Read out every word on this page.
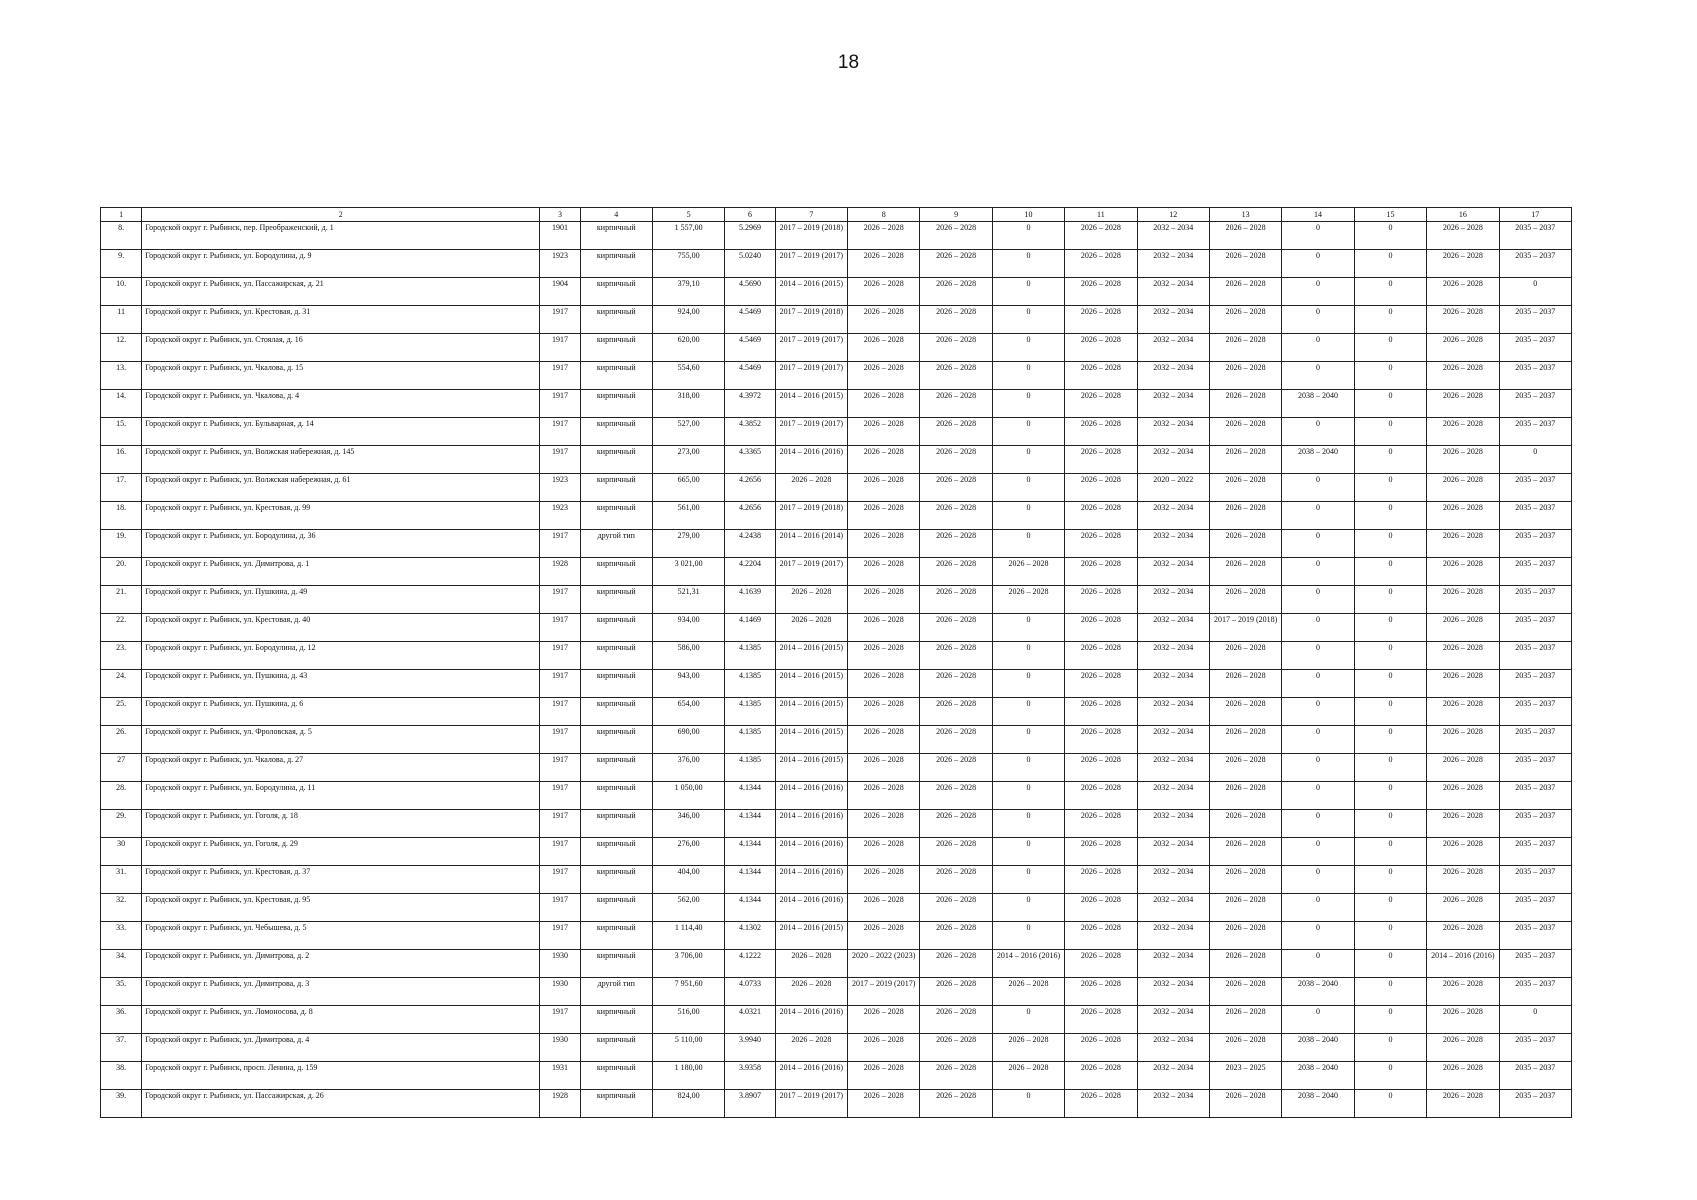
18
1	2	3	4	5	6	7	8	9	10	11	12	13	14	15	16	17
8.	Городской округ г. Рыбинск, пер. Преображенский, д. 1	1901	кирпичный	1 557,00	5.2969	2017 – 2019 (2018)	2026 – 2028	2026 – 2028	0	2026 – 2028	2032 – 2034	2026 – 2028	0	0	2026 – 2028	2035 – 2037
9.	Городской округ г. Рыбинск, ул. Бородулина, д. 9	1923	кирпичный	755,00	5.0240	2017 – 2019 (2017)	2026 – 2028	2026 – 2028	0	2026 – 2028	2032 – 2034	2026 – 2028	0	0	2026 – 2028	2035 – 2037
10.	Городской округ г. Рыбинск, ул. Пассажирская, д. 21	1904	кирпичный	379,10	4.5690	2014 – 2016 (2015)	2026 – 2028	2026 – 2028	0	2026 – 2028	2032 – 2034	2026 – 2028	0	0	2026 – 2028	0
11	Городской округ г. Рыбинск, ул. Крестовая, д. 31	1917	кирпичный	924,00	4.5469	2017 – 2019 (2018)	2026 – 2028	2026 – 2028	0	2026 – 2028	2032 – 2034	2026 – 2028	0	0	2026 – 2028	2035 – 2037
12.	Городской округ г. Рыбинск, ул. Стоялая, д. 16	1917	кирпичный	620,00	4.5469	2017 – 2019 (2017)	2026 – 2028	2026 – 2028	0	2026 – 2028	2032 – 2034	2026 – 2028	0	0	2026 – 2028	2035 – 2037
13.	Городской округ г. Рыбинск, ул. Чкалова, д. 15	1917	кирпичный	554,60	4.5469	2017 – 2019 (2017)	2026 – 2028	2026 – 2028	0	2026 – 2028	2032 – 2034	2026 – 2028	0	0	2026 – 2028	2035 – 2037
14.	Городской округ г. Рыбинск, ул. Чкалова, д. 4	1917	кирпичный	318,00	4.3972	2014 – 2016 (2015)	2026 – 2028	2026 – 2028	0	2026 – 2028	2032 – 2034	2026 – 2028	2038 – 2040	0	2026 – 2028	2035 – 2037
15.	Городской округ г. Рыбинск, ул. Бульварная, д. 14	1917	кирпичный	527,00	4.3852	2017 – 2019 (2017)	2026 – 2028	2026 – 2028	0	2026 – 2028	2032 – 2034	2026 – 2028	0	0	2026 – 2028	2035 – 2037
16.	Городской округ г. Рыбинск, ул. Волжская набережная, д. 145	1917	кирпичный	273,00	4.3365	2014 – 2016 (2016)	2026 – 2028	2026 – 2028	0	2026 – 2028	2032 – 2034	2026 – 2028	2038 – 2040	0	2026 – 2028	0
17.	Городской округ г. Рыбинск, ул. Волжская набережная, д. 61	1923	кирпичный	665,00	4.2656	2026 – 2028	2026 – 2028	2026 – 2028	0	2026 – 2028	2020 – 2022	2026 – 2028	0	0	2026 – 2028	2035 – 2037
18.	Городской округ г. Рыбинск, ул. Крестовая, д. 99	1923	кирпичный	561,00	4.2656	2017 – 2019 (2018)	2026 – 2028	2026 – 2028	0	2026 – 2028	2032 – 2034	2026 – 2028	0	0	2026 – 2028	2035 – 2037
19.	Городской округ г. Рыбинск, ул. Бородулина, д. 36	1917	другой тип	279,00	4.2438	2014 – 2016 (2014)	2026 – 2028	2026 – 2028	0	2026 – 2028	2032 – 2034	2026 – 2028	0	0	2026 – 2028	2035 – 2037
20.	Городской округ г. Рыбинск, ул. Димитрова, д. 1	1928	кирпичный	3 021,00	4.2204	2017 – 2019 (2017)	2026 – 2028	2026 – 2028	2026 – 2028	2026 – 2028	2032 – 2034	2026 – 2028	0	0	2026 – 2028	2035 – 2037
21.	Городской округ г. Рыбинск, ул. Пушкина, д. 49	1917	кирпичный	521,31	4.1639	2026 – 2028	2026 – 2028	2026 – 2028	2026 – 2028	2026 – 2028	2032 – 2034	2026 – 2028	0	0	2026 – 2028	2035 – 2037
22.	Городской округ г. Рыбинск, ул. Крестовая, д. 40	1917	кирпичный	934,00	4.1469	2026 – 2028	2026 – 2028	2026 – 2028	0	2026 – 2028	2032 – 2034	2017 – 2019 (2018)	0	0	2026 – 2028	2035 – 2037
23.	Городской округ г. Рыбинск, ул. Бородулина, д. 12	1917	кирпичный	586,00	4.1385	2014 – 2016 (2015)	2026 – 2028	2026 – 2028	0	2026 – 2028	2032 – 2034	2026 – 2028	0	0	2026 – 2028	2035 – 2037
24.	Городской округ г. Рыбинск, ул. Пушкина, д. 43	1917	кирпичный	943,00	4.1385	2014 – 2016 (2015)	2026 – 2028	2026 – 2028	0	2026 – 2028	2032 – 2034	2026 – 2028	0	0	2026 – 2028	2035 – 2037
25.	Городской округ г. Рыбинск, ул. Пушкина, д. 6	1917	кирпичный	654,00	4.1385	2014 – 2016 (2015)	2026 – 2028	2026 – 2028	0	2026 – 2028	2032 – 2034	2026 – 2028	0	0	2026 – 2028	2035 – 2037
26.	Городской округ г. Рыбинск, ул. Фроловская, д. 5	1917	кирпичный	690,00	4.1385	2014 – 2016 (2015)	2026 – 2028	2026 – 2028	0	2026 – 2028	2032 – 2034	2026 – 2028	0	0	2026 – 2028	2035 – 2037
27	Городской округ г. Рыбинск, ул. Чкалова, д. 27	1917	кирпичный	376,00	4.1385	2014 – 2016 (2015)	2026 – 2028	2026 – 2028	0	2026 – 2028	2032 – 2034	2026 – 2028	0	0	2026 – 2028	2035 – 2037
28.	Городской округ г. Рыбинск, ул. Бородулина, д. 11	1917	кирпичный	1 050,00	4.1344	2014 – 2016 (2016)	2026 – 2028	2026 – 2028	0	2026 – 2028	2032 – 2034	2026 – 2028	0	0	2026 – 2028	2035 – 2037
29.	Городской округ г. Рыбинск, ул. Гоголя, д. 18	1917	кирпичный	346,00	4.1344	2014 – 2016 (2016)	2026 – 2028	2026 – 2028	0	2026 – 2028	2032 – 2034	2026 – 2028	0	0	2026 – 2028	2035 – 2037
30	Городской округ г. Рыбинск, ул. Гоголя, д. 29	1917	кирпичный	276,00	4.1344	2014 – 2016 (2016)	2026 – 2028	2026 – 2028	0	2026 – 2028	2032 – 2034	2026 – 2028	0	0	2026 – 2028	2035 – 2037
31.	Городской округ г. Рыбинск, ул. Крестовая, д. 37	1917	кирпичный	404,00	4.1344	2014 – 2016 (2016)	2026 – 2028	2026 – 2028	0	2026 – 2028	2032 – 2034	2026 – 2028	0	0	2026 – 2028	2035 – 2037
32.	Городской округ г. Рыбинск, ул. Крестовая, д. 95	1917	кирпичный	562,00	4.1344	2014 – 2016 (2016)	2026 – 2028	2026 – 2028	0	2026 – 2028	2032 – 2034	2026 – 2028	0	0	2026 – 2028	2035 – 2037
33.	Городской округ г. Рыбинск, ул. Чебышева, д. 5	1917	кирпичный	1 114,40	4.1302	2014 – 2016 (2015)	2026 – 2028	2026 – 2028	0	2026 – 2028	2032 – 2034	2026 – 2028	0	0	2026 – 2028	2035 – 2037
34.	Городской округ г. Рыбинск, ул. Димитрова, д. 2	1930	кирпичный	3 706,00	4.1222	2026 – 2028	2020 – 2022 (2023)	2026 – 2028	2014 – 2016 (2016)	2026 – 2028	2032 – 2034	2026 – 2028	0	0	2014 – 2016 (2016)	2035 – 2037
35.	Городской округ г. Рыбинск, ул. Димитрова, д. 3	1930	другой тип	7 951,60	4.0733	2026 – 2028	2017 – 2019 (2017)	2026 – 2028	2026 – 2028	2026 – 2028	2032 – 2034	2026 – 2028	2038 – 2040	0	2026 – 2028	2035 – 2037
36.	Городской округ г. Рыбинск, ул. Ломоносова, д. 8	1917	кирпичный	516,00	4.0321	2014 – 2016 (2016)	2026 – 2028	2026 – 2028	0	2026 – 2028	2032 – 2034	2026 – 2028	0	0	2026 – 2028	0
37.	Городской округ г. Рыбинск, ул. Димитрова, д. 4	1930	кирпичный	5 110,00	3.9940	2026 – 2028	2026 – 2028	2026 – 2028	2026 – 2028	2026 – 2028	2032 – 2034	2026 – 2028	2038 – 2040	0	2026 – 2028	2035 – 2037
38.	Городской округ г. Рыбинск, просп. Ленина, д. 159	1931	кирпичный	1 180,00	3.9358	2014 – 2016 (2016)	2026 – 2028	2026 – 2028	2026 – 2028	2026 – 2028	2032 – 2034	2023 – 2025	2038 – 2040	0	2026 – 2028	2035 – 2037
39.	Городской округ г. Рыбинск, ул. Пассажирская, д. 26	1928	кирпичный	824,00	3.8907	2017 – 2019 (2017)	2026 – 2028	2026 – 2028	0	2026 – 2028	2032 – 2034	2026 – 2028	2038 – 2040	0	2026 – 2028	2035 – 2037
